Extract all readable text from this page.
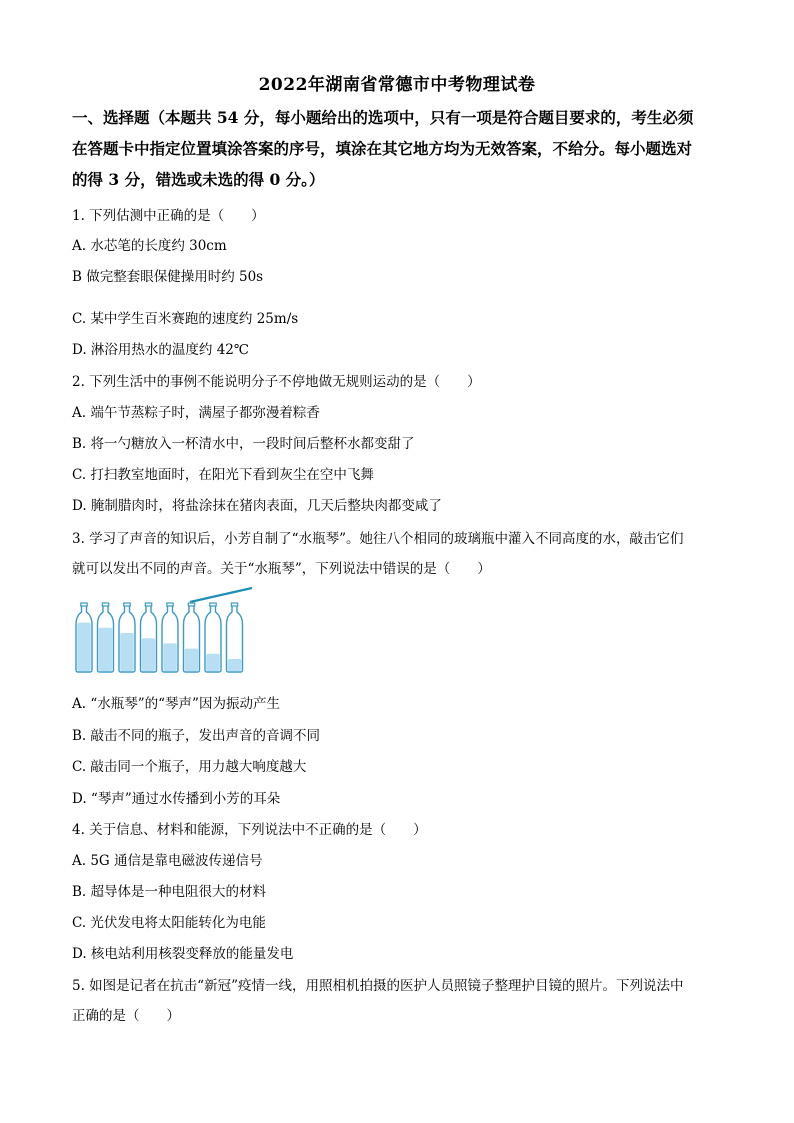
2022年湖南省常德市中考物理试卷
一、选择题（本题共 54 分，每小题给出的选项中，只有一项是符合题目要求的，考生必须
在答题卡中指定位置填涂答案的序号，填涂在其它地方均为无效答案，不给分。每小题选对
的得 3 分，错选或未选的得 0 分。）
1. 下列估测中正确的是（　　）
A. 水芯笔的长度约 30cm
B 做完整套眼保健操用时约 50s
C. 某中学生百米赛跑的速度约 25m/s
D. 淋浴用热水的温度约 42℃
2. 下列生活中的事例不能说明分子不停地做无规则运动的是（　　）
A. 端午节蒸粽子时，满屋子都弥漫着粽香
B. 将一勺糖放入一杯清水中，一段时间后整杯水都变甜了
C. 打扫教室地面时，在阳光下看到灰尘在空中飞舞
D. 腌制腊肉时，将盐涂抹在猪肉表面，几天后整块肉都变咸了
3. 学习了声音的知识后，小芳自制了“水瓶琴”。她往八个相同的玻璃瓶中灌入不同高度的水，敲击它们
就可以发出不同的声音。关于“水瓶琴”，下列说法中错误的是（　　）
A. “水瓶琴”的“琴声”因为振动产生
B. 敲击不同的瓶子，发出声音的音调不同
C. 敲击同一个瓶子，用力越大响度越大
D. “琴声”通过水传播到小芳的耳朵
4. 关于信息、材料和能源，下列说法中不正确的是（　　）
A. 5G 通信是靠电磁波传递信号
B. 超导体是一种电阻很大的材料
C. 光伏发电将太阳能转化为电能
D. 核电站利用核裂变释放的能量发电
5. 如图是记者在抗击“新冠”疫情一线，用照相机拍摄的医护人员照镜子整理护目镜的照片。下列说法中
正确的是（　　）
